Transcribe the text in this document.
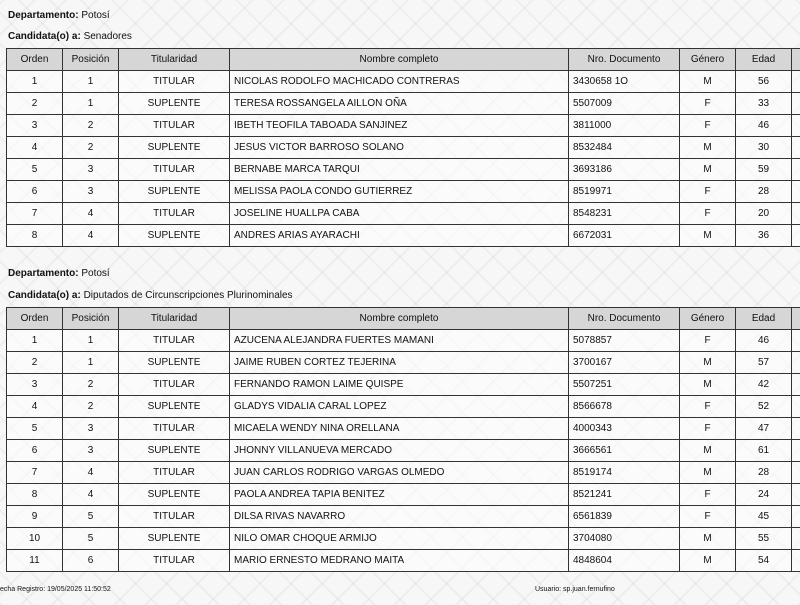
Departamento: Potosí
Candidata(o) a: Senadores
Orden	Posición	Titularidad	Nombre completo	Nro. Documento	Género	Edad	
1	1	TITULAR	NICOLAS RODOLFO MACHICADO CONTRERAS	3430658 1O	M	56	
2	1	SUPLENTE	TERESA ROSSANGELA AILLON OÑA	5507009	F	33	
3	2	TITULAR	IBETH TEOFILA TABOADA SANJINEZ	3811000	F	46	
4	2	SUPLENTE	JESUS VICTOR BARROSO SOLANO	8532484	M	30	
5	3	TITULAR	BERNABE MARCA TARQUI	3693186	M	59	
6	3	SUPLENTE	MELISSA PAOLA CONDO GUTIERREZ	8519971	F	28	
7	4	TITULAR	JOSELINE HUALLPA CABA	8548231	F	20	
8	4	SUPLENTE	ANDRES ARIAS AYARACHI	6672031	M	36	
Departamento: Potosí
Candidata(o) a: Diputados de Circunscripciones Plurinominales
Orden	Posición	Titularidad	Nombre completo	Nro. Documento	Género	Edad	
1	1	TITULAR	AZUCENA ALEJANDRA FUERTES MAMANI	5078857	F	46	
2	1	SUPLENTE	JAIME RUBEN CORTEZ TEJERINA	3700167	M	57	
3	2	TITULAR	FERNANDO RAMON LAIME QUISPE	5507251	M	42	
4	2	SUPLENTE	GLADYS VIDALIA CARAL LOPEZ	8566678	F	52	
5	3	TITULAR	MICAELA WENDY NINA ORELLANA	4000343	F	47	
6	3	SUPLENTE	JHONNY VILLANUEVA MERCADO	3666561	M	61	
7	4	TITULAR	JUAN CARLOS RODRIGO VARGAS OLMEDO	8519174	M	28	
8	4	SUPLENTE	PAOLA ANDREA TAPIA BENITEZ	8521241	F	24	
9	5	TITULAR	DILSA RIVAS NAVARRO	6561839	F	45	
10	5	SUPLENTE	NILO OMAR CHOQUE ARMIJO	3704080	M	55	
11	6	TITULAR	MARIO ERNESTO MEDRANO MAITA	4848604	M	54	
echa Registro: 19/05/2025 11:50:52	Usuario: sp.juan.fernufino
